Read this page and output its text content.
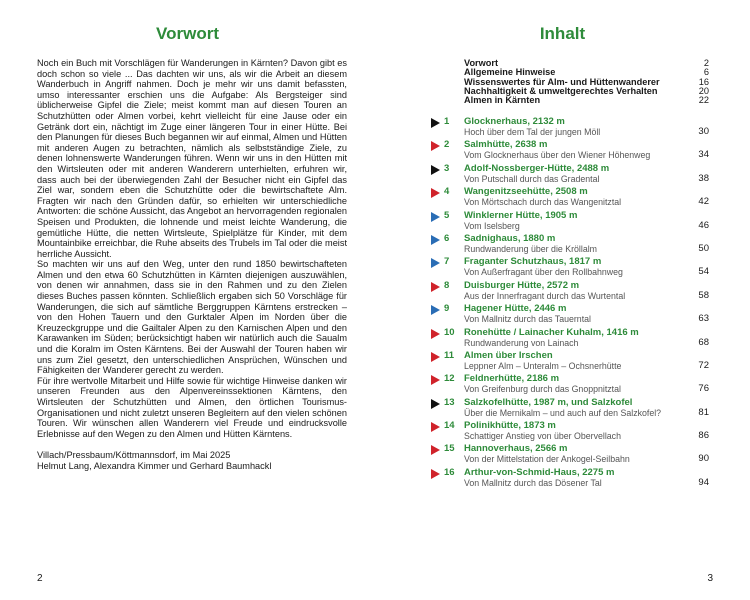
Vorwort

Noch ein Buch mit Vorschlägen für Wanderungen in Kärnten? Davon gibt es doch schon so viele ... Das dachten wir uns, als wir die Arbeit an diesem Wanderbuch in Angriff nahmen. Doch je mehr wir uns damit befassten, umso interessanter erschien uns die Aufgabe: Als Bergsteiger sind üblicherweise Gipfel die Ziele; meist kommt man auf diesen Touren an Schutzhütten oder Almen vorbei, kehrt vielleicht für eine Jause oder ein Getränk dort ein, nächtigt im Zuge einer längeren Tour in einer Hütte. Bei den Planungen für dieses Buch begannen wir auf einmal, Almen und Hütten mit anderen Augen zu betrachten, nämlich als selbstständige Ziele, zu denen lohnenswerte Wanderungen führen. Wenn wir uns in den Hütten mit den Wirtsleuten oder mit anderen Wanderern unterhielten, erfuhren wir, dass auch bei der überwiegenden Zahl der Besucher nicht ein Gipfel das Ziel war, sondern eben die Schutzhütte oder die bewirtschaftete Alm. Fragten wir nach den Gründen dafür, so erhielten wir unterschiedliche Antworten: die schöne Aussicht, das Angebot an hervorragenden regionalen Speisen und Produkten, die lohnende und meist leichte Wanderung, die gemütliche Hütte, die netten Wirtsleute, Spielplätze für Kinder, mit dem Mountainbike erreichbar, die Ruhe abseits des Trubels im Tal oder die meist herrliche Aussicht.

So machten wir uns auf den Weg, unter den rund 1850 bewirtschafteten Almen und den etwa 60 Schutzhütten in Kärnten diejenigen auszuwählen, von denen wir annahmen, dass sie in den Rahmen und zu den Zielen dieses Buches passen könnten. Schließlich ergaben sich 50 Vorschläge für Wanderungen, die sich auf sämtliche Berggruppen Kärntens erstrecken – von den Hohen Tauern und den Gurktaler Alpen im Norden über die Kreuzeckgruppe und die Gailtaler Alpen zu den Karnischen Alpen und den Karawanken im Süden; berücksichtigt haben wir natürlich auch die Saualm und die Koralm im Osten Kärntens. Bei der Auswahl der Touren haben wir uns zum Ziel gesetzt, den unterschiedlichen Ansprüchen, Wünschen und Fähigkeiten der Wanderer gerecht zu werden.

Für ihre wertvolle Mitarbeit und Hilfe sowie für wichtige Hinweise danken wir unseren Freunden aus den Alpenvereinssektionen Kärntens, den Wirtsleuten der Schutzhütten und Almen, den örtlichen Tourismus-Organisationen und nicht zuletzt unseren Begleitern auf den vielen schönen Touren. Wir wünschen allen Wanderern viel Freude und eindrucksvolle Erlebnisse auf den Wegen zu den Almen und Hütten Kärntens.

Villach/Pressbaum/Köttmannsdorf, im Mai 2025

Helmut Lang, Alexandra Kimmer und Gerhard Baumhackl

2
Inhalt
3
Vorwort	2
Allgemeine Hinweise	6
Wissenswertes für Alm- und Hüttenwanderer	16
Nachhaltigkeit & umweltgerechtes Verhalten	20
Almen in Kärnten	22
1 Glocknerhaus, 2132 m
Hoch über dem Tal der jungen Möll	30
2 Salmhütte, 2638 m
Vom Glocknerhaus über den Wiener Höhenweg	34
3 Adolf-Nossberger-Hütte, 2488 m
Von Putschall durch das Gradental	38
4 Wangenitzseehütte, 2508 m
Von Mörtschach durch das Wangenitztal	42
5 Winklerner Hütte, 1905 m
Vom Iselsberg	46
6 Sadnighaus, 1880 m
Rundwanderung über die Kröllalm	50
7 Fraganter Schutzhaus, 1817 m
Von Außerfragant über den Rollbahnweg	54
8 Duisburger Hütte, 2572 m
Aus der Innerfragant durch das Wurtental	58
9 Hagener Hütte, 2446 m
Von Mallnitz durch das Tauerntal	63
10 Ronehütte / Lainacher Kuhalm, 1416 m
Rundwanderung von Lainach	68
11 Almen über Irschen
Leppner Alm – Unteralm – Ochsnerhütte	72
12 Feldnerhütte, 2186 m
Von Greifenburg durch das Gnoppnitztal	76
13 Salzkofelhütte, 1987 m, und Salzkofel
Über die Mernikalm – und auch auf den Salzkofel?	81
14 Polinikhütte, 1873 m
Schattiger Anstieg von über Obervellach	86
15 Hannoverhaus, 2566 m
Von der Mittelstation der Ankogel-Seilbahn	90
16 Arthur-von-Schmid-Haus, 2275 m
Von Mallnitz durch das Dösener Tal	94
